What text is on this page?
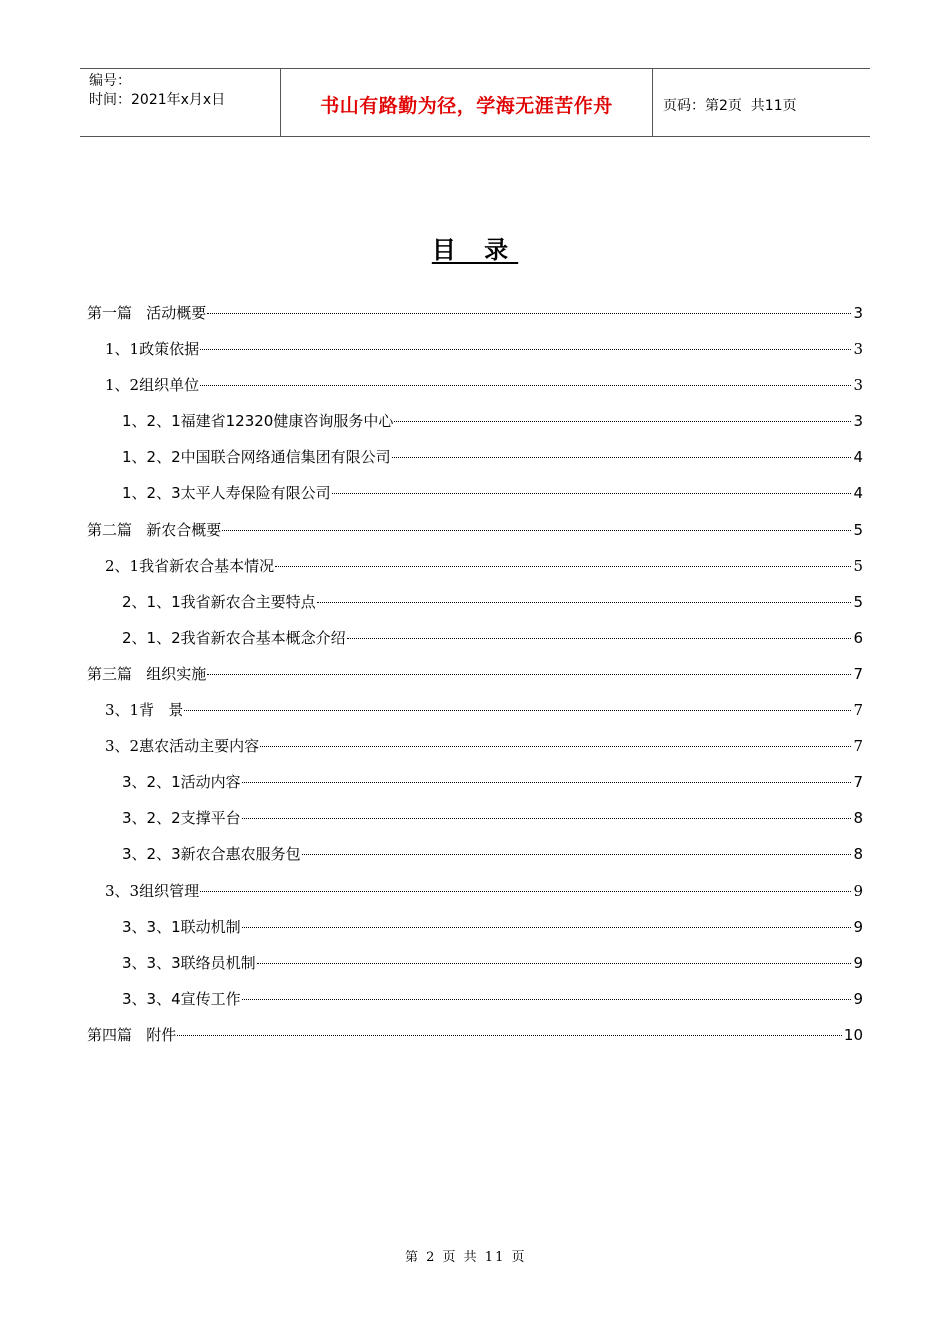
编号：
时间：2021年x月x日	书山有路勤为径，学海无涯苦作舟	页码：第2页  共11页
目 录
第一篇   活动概要	3
1、1政策依据	3
1、2组织单位	3
1、2、1福建省12320健康咨询服务中心	3
1、2、2中国联合网络通信集团有限公司	4
1、2、3太平人寿保险有限公司	4
第二篇   新农合概要	5
2、1我省新农合基本情况	5
2、1、1我省新农合主要特点	5
2、1、2我省新农合基本概念介绍	6
第三篇   组织实施	7
3、1背   景	7
3、2惠农活动主要内容	7
3、2、1活动内容	7
3、2、2支撑平台	8
3、2、3新农合惠农服务包	8
3、3组织管理	9
3、3、1联动机制	9
3、3、3联络员机制	9
3、3、4宣传工作	9
第四篇   附件	10
第 2 页 共 11 页
